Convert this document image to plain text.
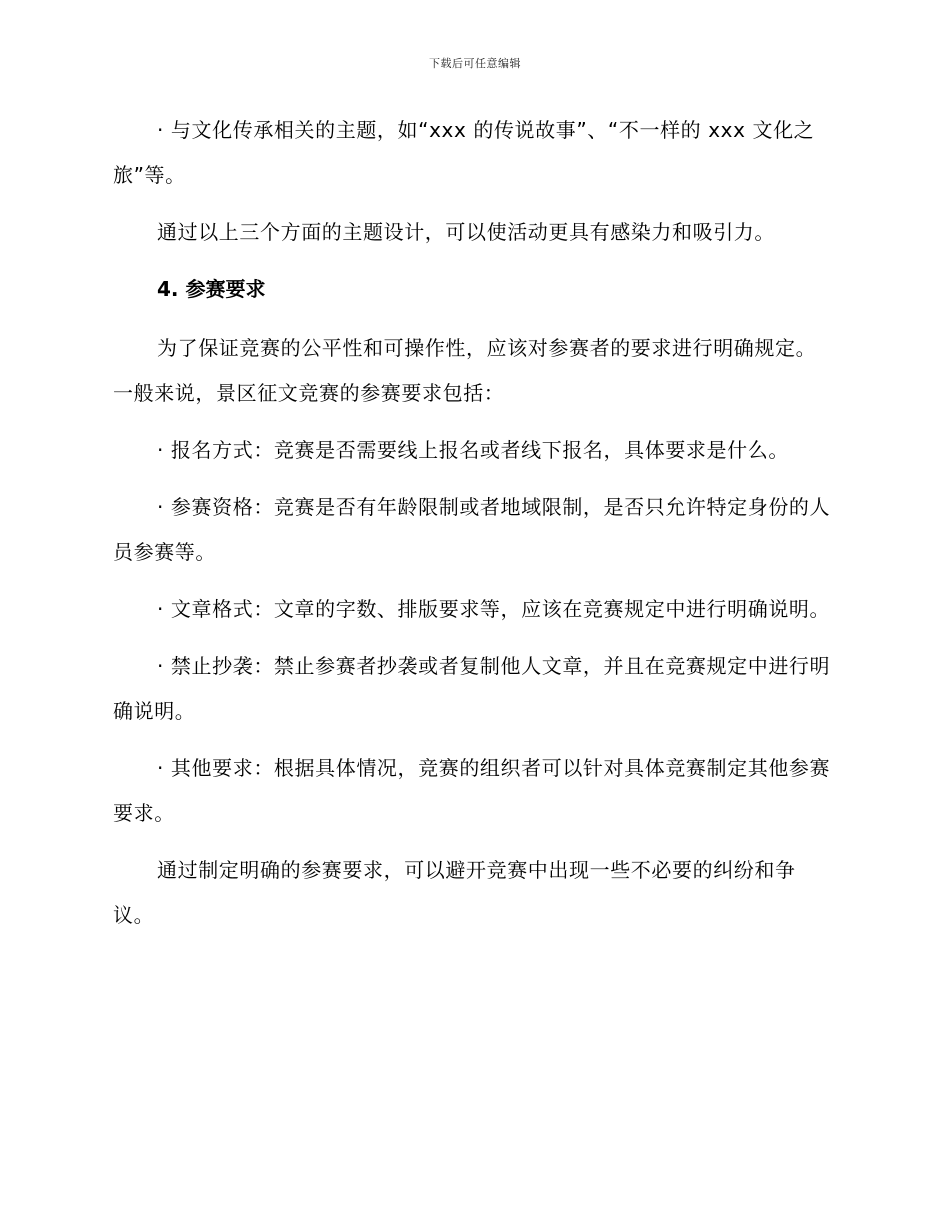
下载后可任意编辑

· 与文化传承相关的主题，如“xxx 的传说故事”、“不一样的 xxx 文化之旅”等。

通过以上三个方面的主题设计，可以使活动更具有感染力和吸引力。

4. 参赛要求

为了保证竞赛的公平性和可操作性，应该对参赛者的要求进行明确规定。一般来说，景区征文竞赛的参赛要求包括：

· 报名方式：竞赛是否需要线上报名或者线下报名，具体要求是什么。

· 参赛资格：竞赛是否有年龄限制或者地域限制，是否只允许特定身份的人员参赛等。

· 文章格式：文章的字数、排版要求等，应该在竞赛规定中进行明确说明。

· 禁止抄袭：禁止参赛者抄袭或者复制他人文章，并且在竞赛规定中进行明确说明。

· 其他要求：根据具体情况，竞赛的组织者可以针对具体竞赛制定其他参赛要求。

通过制定明确的参赛要求，可以避开竞赛中出现一些不必要的纠纷和争议。
